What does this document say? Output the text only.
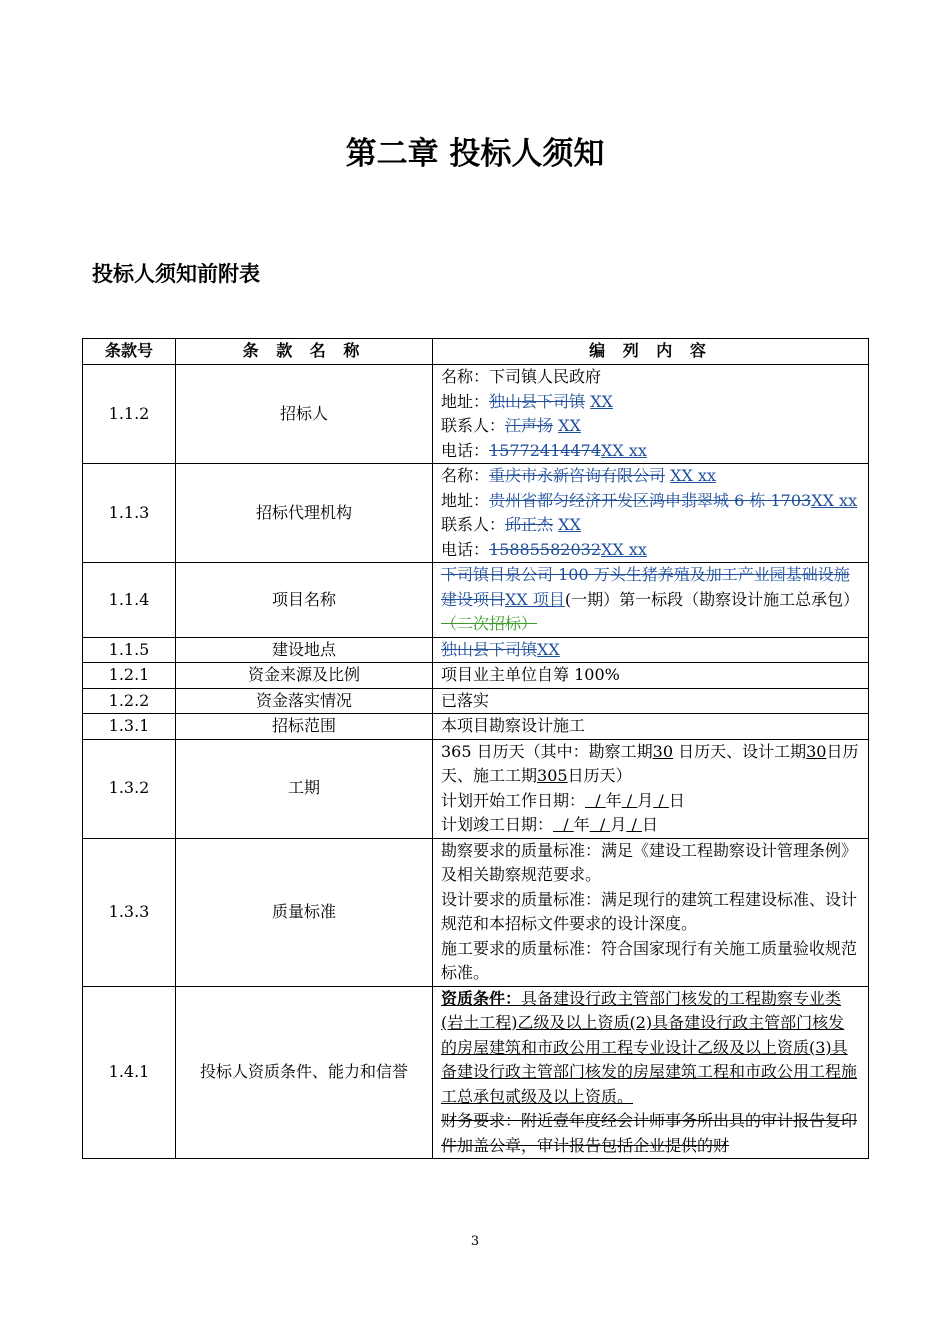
第二章 投标人须知
投标人须知前附表
条款号	条 款 名 称	编 列 内 容
1.1.2	招标人	名称：下司镇人民政府
地址：独山县下司镇 XX
联系人：江声扬 XX
电话：15772414474XX xx

1.1.3	招标代理机构	名称：重庆市永新咨询有限公司 XX xx
地址：贵州省都匀经济开发区鸿申翡翠城 6 栋 1703XX xx
联系人：邱正杰 XX
电话：15885582032XX xx

1.1.4	项目名称	下司镇目泉公司 100 万头生猪养殖及加工产业园基础设施建设项目XX 项目(一期）第一标段（勘察设计施工总承包）（二次招标）
1.1.5	建设地点	独山县下司镇XX
1.2.1	资金来源及比例	项目业主单位自筹 100%
1.2.2	资金落实情况	已落实
1.3.1	招标范围	本项目勘察设计施工
1.3.2	工期	365 日历天（其中：勘察工期30 日历天、设计工期30日历天、施工工期305日历天）
计划开始工作日期： / 年 / 月 / 日
计划竣工日期： / 年 / 月 / 日

1.3.3	质量标准	勘察要求的质量标准：满足《建设工程勘察设计管理条例》及相关勘察规范要求。
设计要求的质量标准：满足现行的建筑工程建设标准、设计规范和本招标文件要求的设计深度。
施工要求的质量标准：符合国家现行有关施工质量验收规范标准。

1.4.1	投标人资质条件、能力和信誉	资质条件：具备建设行政主管部门核发的工程勘察专业类(岩土工程)乙级及以上资质(2)具备建设行政主管部门核发的房屋建筑和市政公用工程专业设计乙级及以上资质(3)具备建设行政主管部门核发的房屋建筑工程和市政公用工程施工总承包贰级及以上资质。
财务要求：附近壹年度经会计师事务所出具的审计报告复印件加盖公章，审计报告包括企业提供的财
3
